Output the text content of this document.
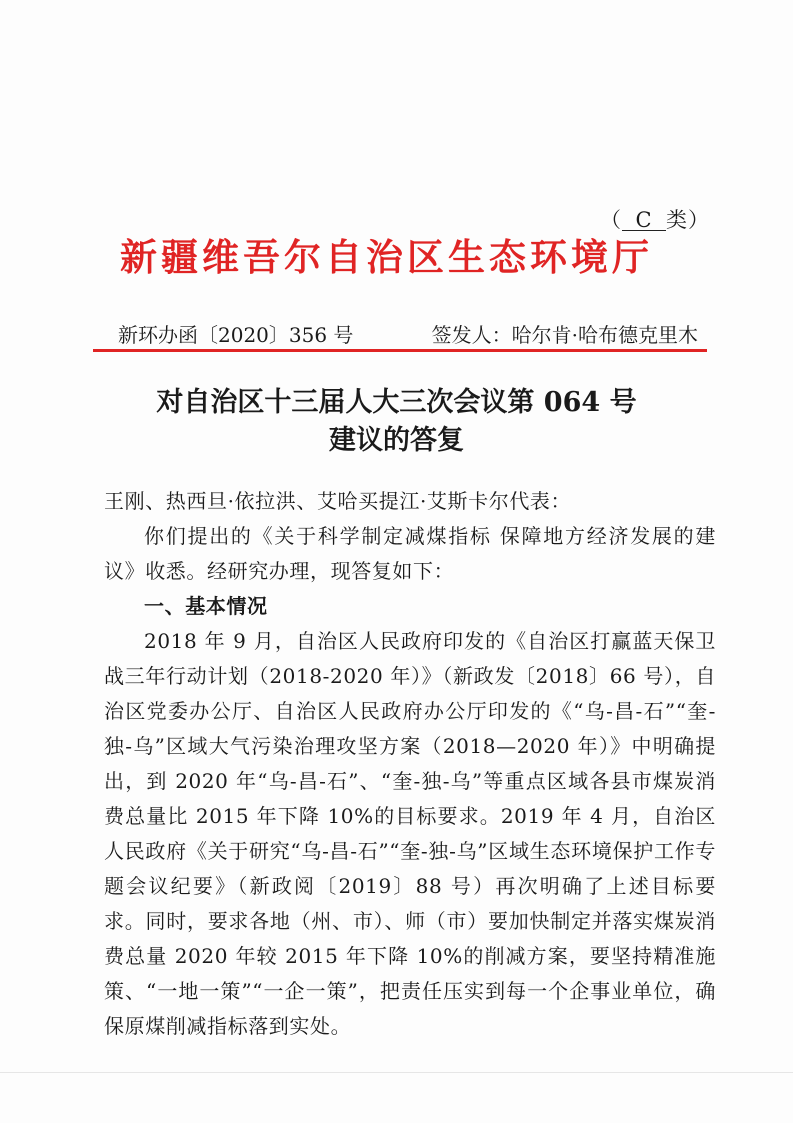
（ C 类）
新疆维吾尔自治区生态环境厅
新环办函〔2020〕356 号	签发人：哈尔肯·哈布德克里木
对自治区十三届人大三次会议第 064 号
建议的答复

王刚、热西旦·依拉洪、艾哈买提江·艾斯卡尔代表：

你们提出的《关于科学制定减煤指标 保障地方经济发展的建议》收悉。经研究办理，现答复如下：

一、基本情况

2018 年 9 月，自治区人民政府印发的《自治区打赢蓝天保卫战三年行动计划（2018-2020 年）》（新政发〔2018〕66 号），自治区党委办公厅、自治区人民政府办公厅印发的《“乌-昌-石”“奎-独-乌”区域大气污染治理攻坚方案（2018—2020 年）》中明确提出，到 2020 年“乌-昌-石”、“奎-独-乌”等重点区域各县市煤炭消费总量比 2015 年下降 10%的目标要求。2019 年 4 月，自治区人民政府《关于研究“乌-昌-石”“奎-独-乌”区域生态环境保护工作专题会议纪要》（新政阅〔2019〕88 号）再次明确了上述目标要求。同时，要求各地（州、市）、师（市）要加快制定并落实煤炭消费总量 2020 年较 2015 年下降 10%的削减方案，要坚持精准施策、“一地一策”“一企一策”，把责任压实到每一个企事业单位，确保原煤削减指标落到实处。
